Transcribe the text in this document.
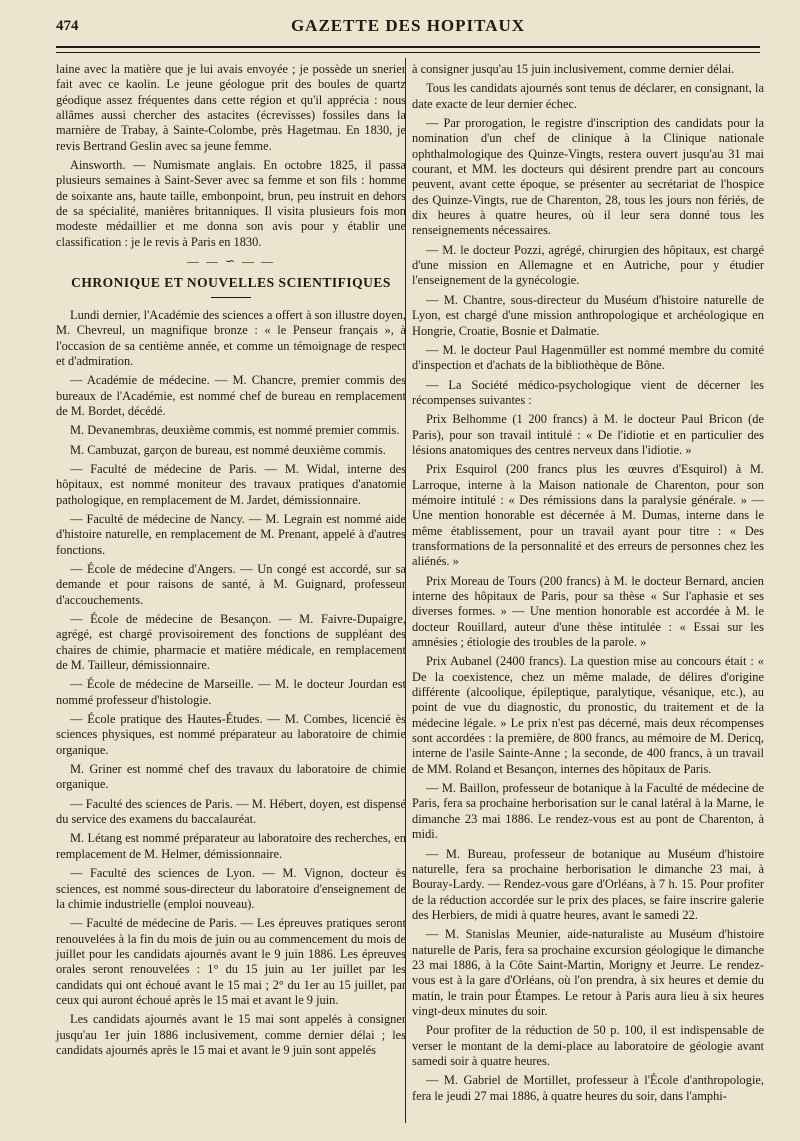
474	GAZETTE DES HOPITAUX

laine avec la matière que je lui avais envoyée ; je possède un snerier fait avec ce kaolin. Le jeune géologue prit des boules de quartz géodique assez fréquentes dans cette région et qu'il appréciа : nous allâmes aussi chercher des astacites (écrevisses) fossiles dans la marnière de Trabay, à Sainte-Colombe, près Hagetmau. En 1830, je revis Bertrand Geslin avec sa jeune femme.

Ainsworth. — Numismate anglais. En octobre 1825, il passa plusieurs semaines à Saint-Sever avec sa femme et son fils : homme de soixante ans, haute taille, embonpoint, brun, peu instruit en dehors de sa spécialité, manières britanniques. Il visita plusieurs fois mon modeste médaillier et me donna son avis pour y établir une classification : je le revis à Paris en 1830.

— — ∽ — —
CHRONIQUE ET NOUVELLES SCIENTIFIQUES

Lundi dernier, l'Académie des sciences a offert à son illustre doyen, M. Chevreul, un magnifique bronze : « le Penseur français », à l'occasion de sa centième année, et comme un témoignage de respect et d'admiration.

— Académie de médecine. — M. Chancre, premier commis des bureaux de l'Académie, est nommé chef de bureau en remplacement de M. Bordet, décédé.

M. Devanembras, deuxième commis, est nommé premier commis.

M. Cambuzat, garçon de bureau, est nommé deuxième commis.

— Faculté de médecine de Paris. — M. Widal, interne des hôpitaux, est nommé moniteur des travaux pratiques d'anatomie pathologique, en remplacement de M. Jardet, démissionnaire.

— Faculté de médecine de Nancy. — M. Legrain est nommé aide d'histoire naturelle, en remplacement de M. Prenant, appelé à d'autres fonctions.

— École de médecine d'Angers. — Un congé est accordé, sur sa demande et pour raisons de santé, à M. Guignard, professeur d'accouchements.

— École de médecine de Besançon. — M. Faivre-Dupaigre, agrégé, est chargé provisoirement des fonctions de suppléant des chaires de chimie, pharmacie et matière médicale, en remplacement de M. Tailleur, démissionnaire.

— École de médecine de Marseille. — M. le docteur Jourdan est nommé professeur d'histologie.

— École pratique des Hautes-Études. — M. Combes, licencié ès sciences physiques, est nommé préparateur au laboratoire de chimie organique.

M. Griner est nommé chef des travaux du laboratoire de chimie organique.

— Faculté des sciences de Paris. — M. Hébert, doyen, est dispensé du service des examens du baccalauréat.

M. Létang est nommé préparateur au laboratoire des recherches, en remplacement de M. Helmer, démissionnaire.

— Faculté des sciences de Lyon. — M. Vignon, docteur ès sciences, est nommé sous-directeur du laboratoire d'enseignement de la chimie industrielle (emploi nouveau).

— Faculté de médecine de Paris. — Les épreuves pratiques seront renouvelées à la fin du mois de juin ou au commencement du mois de juillet pour les candidats ajournés avant le 9 juin 1886. Les épreuves orales seront renouvelées : 1° du 15 juin au 1er juillet par les candidats qui ont échoué avant le 15 mai ; 2° du 1er au 15 juillet, par ceux qui auront échoué après le 15 mai et avant le 9 juin.

Les candidats ajournés avant le 15 mai sont appelés à consigner jusqu'au 1er juin 1886 inclusivement, comme dernier délai ; les candidats ajournés après le 15 mai et avant le 9 juin sont appelés

à consigner jusqu'au 15 juin inclusivement, comme dernier délai.

Tous les candidats ajournés sont tenus de déclarer, en consignant, la date exacte de leur dernier échec.

— Par prorogation, le registre d'inscription des candidats pour la nomination d'un chef de clinique à la Clinique nationale ophthalmologique des Quinze-Vingts, restera ouvert jusqu'au 31 mai courant, et MM. les docteurs qui désirent prendre part au concours peuvent, avant cette époque, se présenter au secrétariat de l'hospice des Quinze-Vingts, rue de Charenton, 28, tous les jours non fériés, de dix heures à quatre heures, où il leur sera donné tous les renseignements nécessaires.

— M. le docteur Pozzi, agrégé, chirurgien des hôpitaux, est chargé d'une mission en Allemagne et en Autriche, pour y étudier l'enseignement de la gynécologie.

— M. Chantre, sous-directeur du Muséum d'histoire naturelle de Lyon, est chargé d'une mission anthropologique et archéologique en Hongrie, Croatie, Bosnie et Dalmatie.

— M. le docteur Paul Hagenmüller est nommé membre du comité d'inspection et d'achats de la bibliothèque de Bône.

— La Société médico-psychologique vient de décerner les récompenses suivantes :

Prix Belhomme (1 200 francs) à M. le docteur Paul Bricon (de Paris), pour son travail intitulé : « De l'idiotie et en particulier des lésions anatomiques des centres nerveux dans l'idiotie. »

Prix Esquirol (200 francs plus les œuvres d'Esquirol) à M. Larroque, interne à la Maison nationale de Charenton, pour son mémoire intitulé : « Des rémissions dans la paralysie générale. » — Une mention honorable est décernée à M. Dumas, interne dans le même établissement, pour un travail ayant pour titre : « Des transformations de la personnalité et des erreurs de personnes chez les aliénés. »

Prix Moreau de Tours (200 francs) à M. le docteur Bernard, ancien interne des hôpitaux de Paris, pour sa thèse « Sur l'aphasie et ses diverses formes. » — Une mention honorable est accordée à M. le docteur Rouillard, auteur d'une thèse intitulée : « Essai sur les amnésies ; étiologie des troubles de la parole. »

Prix Aubanel (2400 francs). La question mise au concours était : « De la coexistence, chez un même malade, de délires d'origine différente (alcoolique, épileptique, paralytique, vésanique, etc.), au point de vue du diagnostic, du pronostic, du traitement et de la médecine légale. » Le prix n'est pas décerné, mais deux récompenses sont accordées : la première, de 800 francs, au mémoire de M. Dericq, interne de l'asile Sainte-Anne ; la seconde, de 400 francs, à un travail de MM. Roland et Besançon, internes des hôpitaux de Paris.

— M. Baillon, professeur de botanique à la Faculté de médecine de Paris, fera sa prochaine herborisation sur le canal latéral à la Marne, le dimanche 23 mai 1886. Le rendez-vous est au pont de Charenton, à midi.

— M. Bureau, professeur de botanique au Muséum d'histoire naturelle, fera sa prochaine herborisation le dimanche 23 mai, à Bouray-Lardy. — Rendez-vous gare d'Orléans, à 7 h. 15. Pour profiter de la réduction accordée sur le prix des places, se faire inscrire galerie des Herbiers, de midi à quatre heures, avant le samedi 22.

— M. Stanislas Meunier, aide-naturaliste au Muséum d'histoire naturelle de Paris, fera sa prochaine excursion géologique le dimanche 23 mai 1886, à la Côte Saint-Martin, Morigny et Jeurre. Le rendez-vous est à la gare d'Orléans, où l'on prendra, à six heures et demie du matin, le train pour Étampes. Le retour à Paris aura lieu à six heures vingt-deux minutes du soir.

Pour profiter de la réduction de 50 p. 100, il est indispensable de verser le montant de la demi-place au laboratoire de géologie avant samedi soir à quatre heures.

— M. Gabriel de Mortillet, professeur à l'École d'anthropologie, fera le jeudi 27 mai 1886, à quatre heures du soir, dans l'amphi-
